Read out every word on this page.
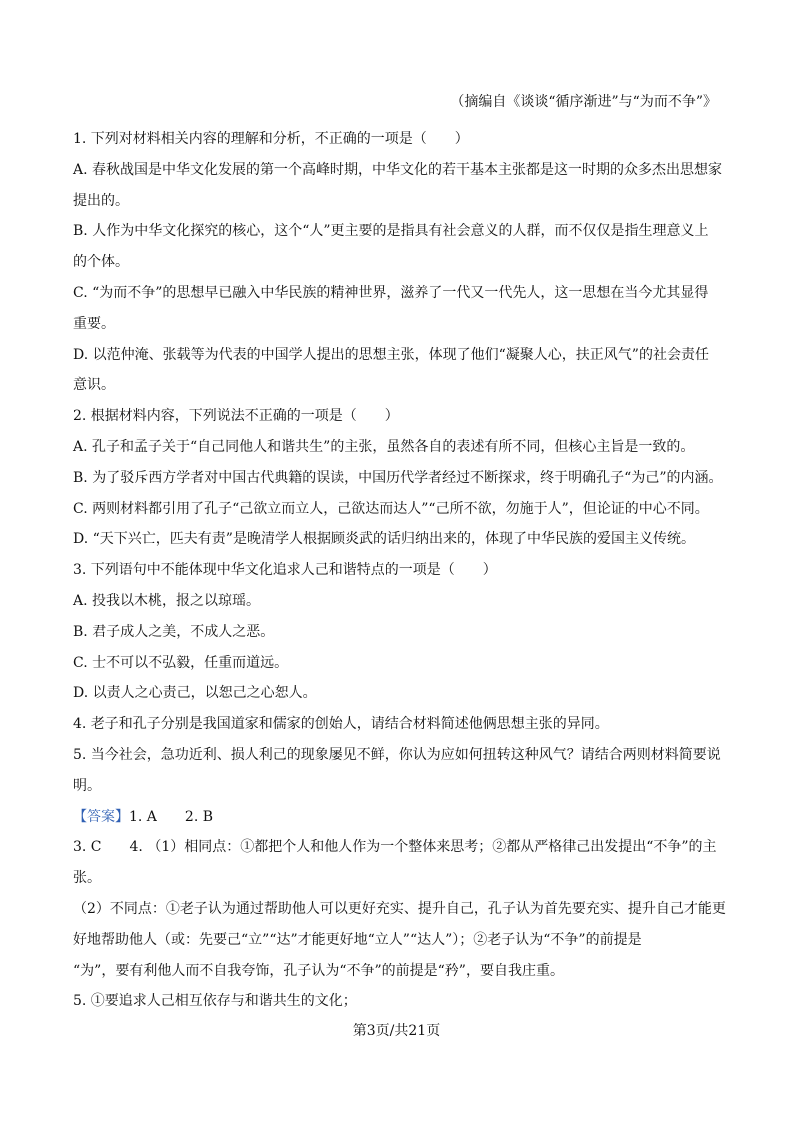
（摘编自《谈谈“循序渐进”与“为而不争”》
1. 下列对材料相关内容的理解和分析，不正确的一项是（　　）
A. 春秋战国是中华文化发展的第一个高峰时期，中华文化的若干基本主张都是这一时期的众多杰出思想家
提出的。
B. 人作为中华文化探究的核心，这个“人”更主要的是指具有社会意义的人群，而不仅仅是指生理意义上
的个体。
C. “为而不争”的思想早已融入中华民族的精神世界，滋养了一代又一代先人，这一思想在当今尤其显得
重要。
D. 以范仲淹、张载等为代表的中国学人提出的思想主张，体现了他们“凝聚人心，扶正风气”的社会责任
意识。
2. 根据材料内容，下列说法不正确的一项是（　　）
A. 孔子和孟子关于“自己同他人和谐共生”的主张，虽然各自的表述有所不同，但核心主旨是一致的。
B. 为了驳斥西方学者对中国古代典籍的误读，中国历代学者经过不断探求，终于明确孔子“为己”的内涵。
C. 两则材料都引用了孔子“己欲立而立人，己欲达而达人”“己所不欲，勿施于人”，但论证的中心不同。
D. “天下兴亡，匹夫有责”是晚清学人根据顾炎武的话归纳出来的，体现了中华民族的爱国主义传统。
3. 下列语句中不能体现中华文化追求人己和谐特点的一项是（　　）
A. 投我以木桃，报之以琼瑶。
B. 君子成人之美，不成人之恶。
C. 士不可以不弘毅，任重而道远。
D. 以责人之心责己，以恕己之心恕人。
4. 老子和孔子分别是我国道家和儒家的创始人，请结合材料简述他俩思想主张的异同。
5. 当今社会，急功近利、损人利己的现象屡见不鲜，你认为应如何扭转这种风气？请结合两则材料简要说
明。
【答案】1. A　　2. B
3. C　　4. （1）相同点：①都把个人和他人作为一个整体来思考；②都从严格律己出发提出“不争”的主
张。
（2）不同点：①老子认为通过帮助他人可以更好充实、提升自己，孔子认为首先要充实、提升自己才能更
好地帮助他人（或：先要己“立”“达”才能更好地“立人”“达人”）；②老子认为“不争”的前提是
“为”，要有利他人而不自我夸饰，孔子认为“不争”的前提是“矜”，要自我庄重。
5. ①要追求人己相互依存与和谐共生的文化；
第3页/共21页
